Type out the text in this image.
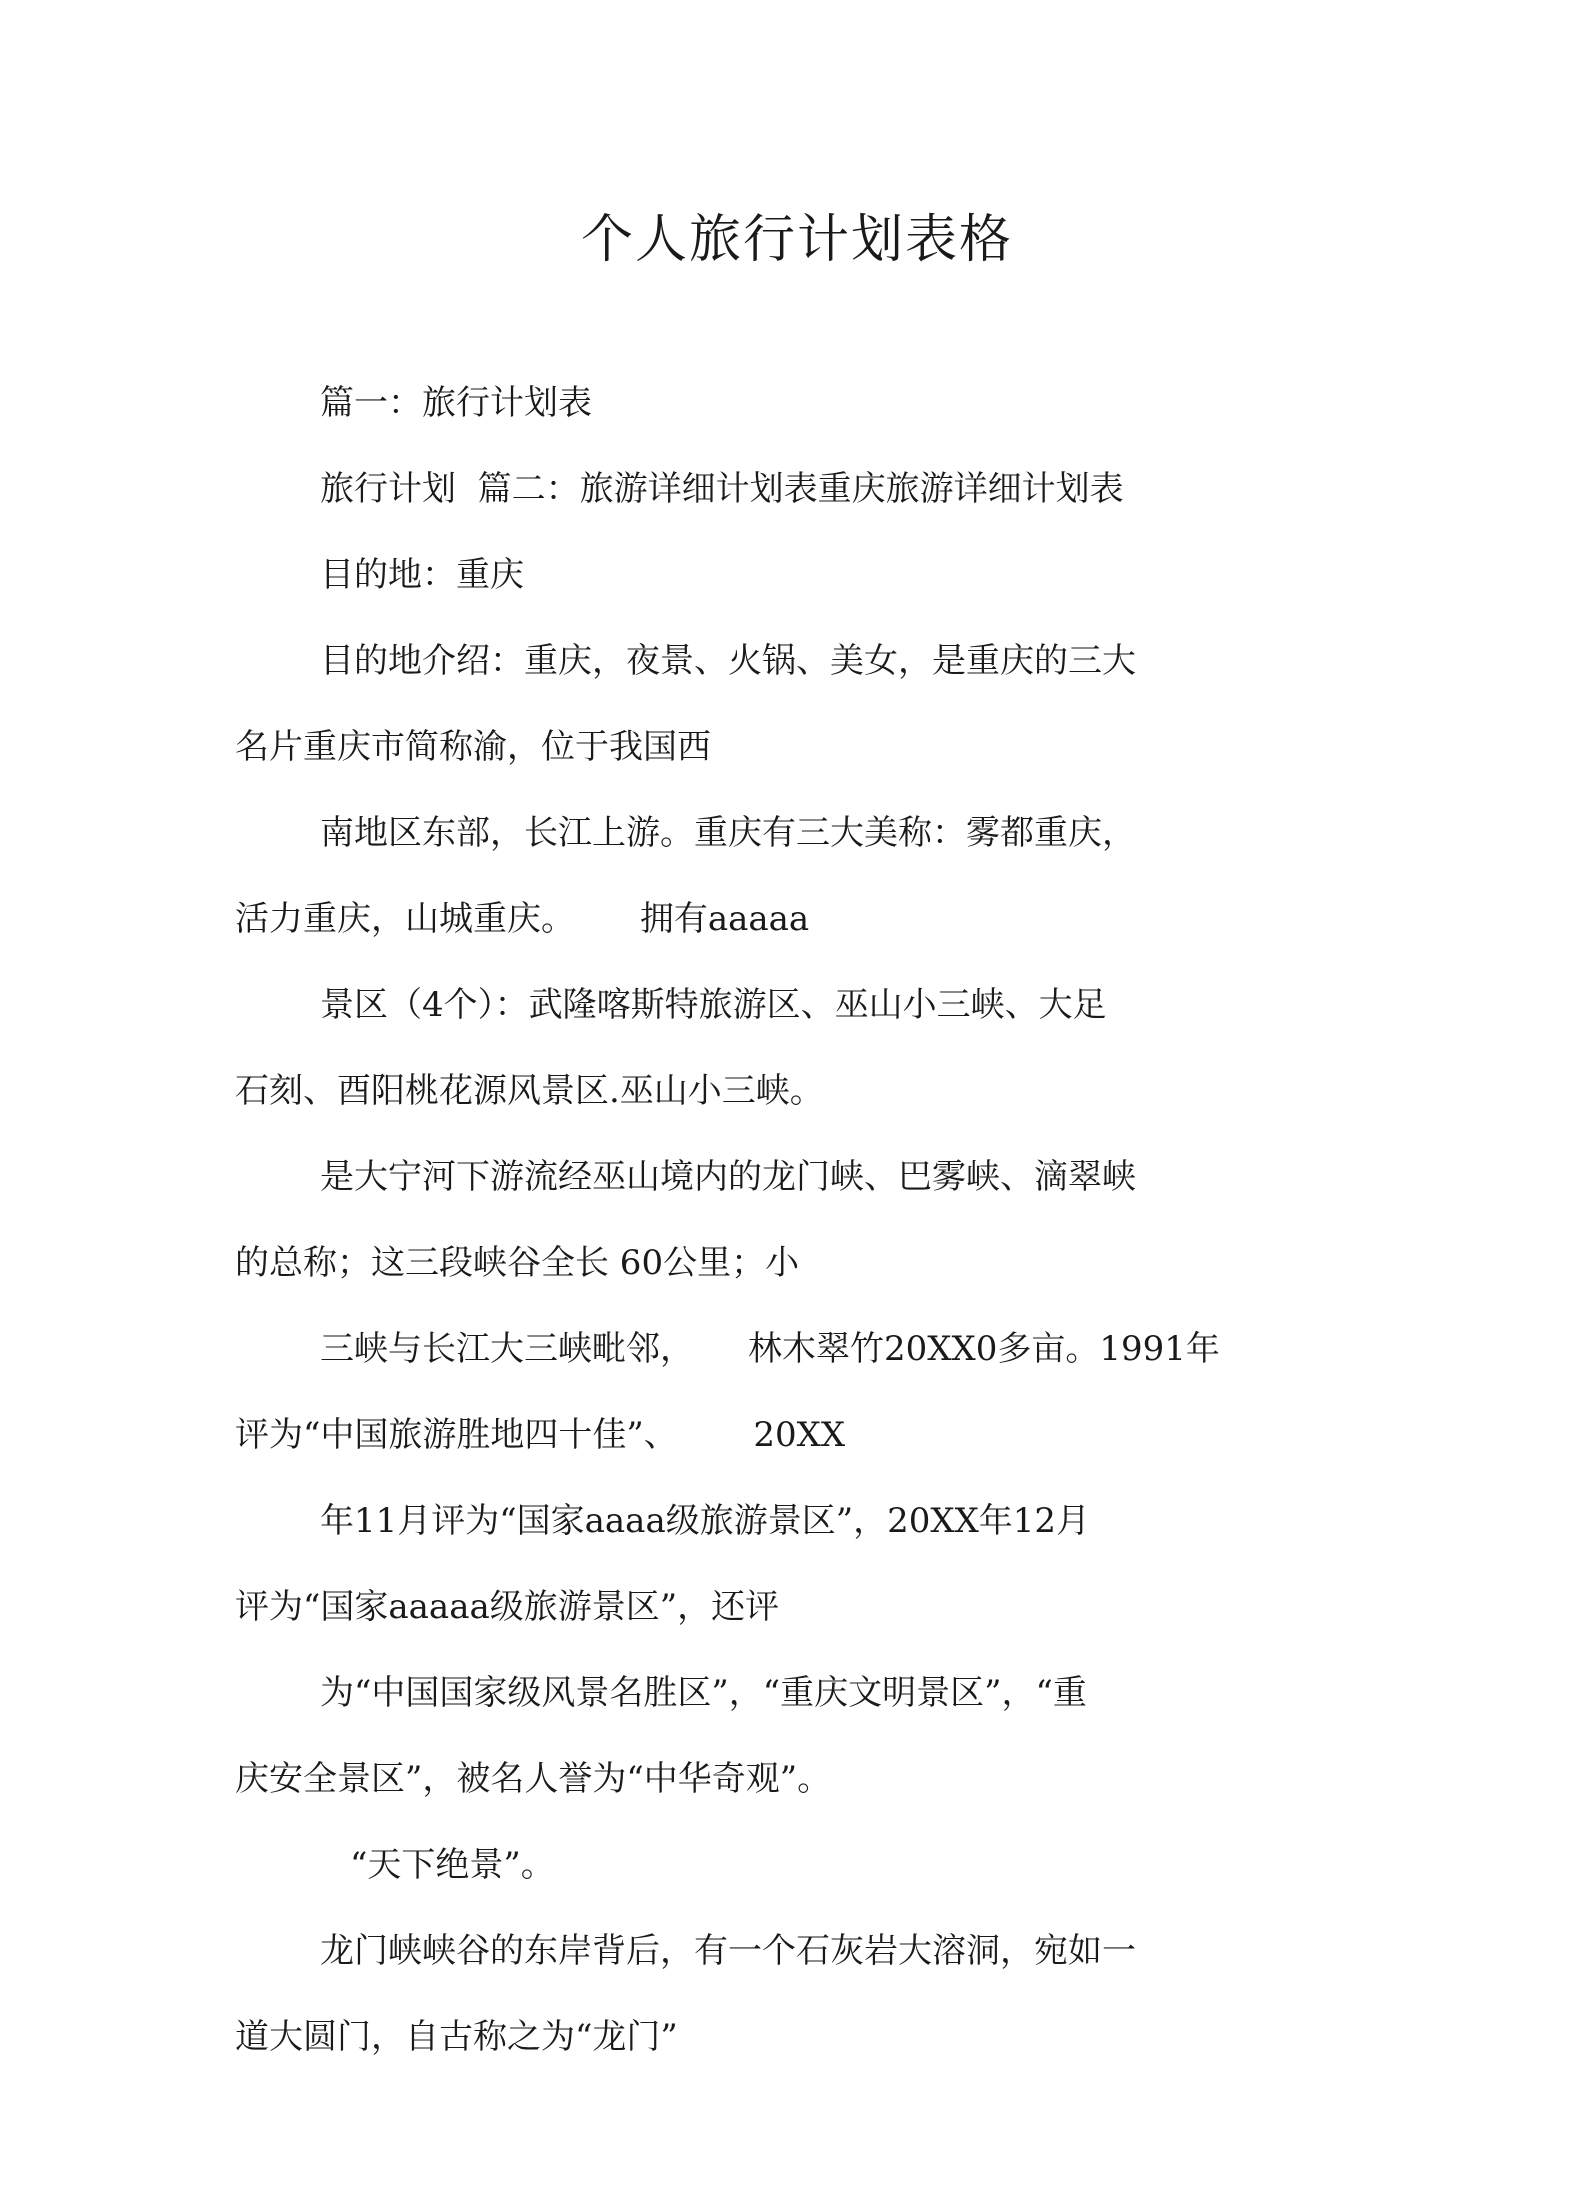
个人旅行计划表格
篇一：旅行计划表
旅行计划  篇二：旅游详细计划表重庆旅游详细计划表
目的地：重庆
目的地介绍：重庆，夜景、火锅、美女，是重庆的三大
名片重庆市简称渝，位于我国西
南地区东部，长江上游。重庆有三大美称：雾都重庆，
活力重庆，山城重庆。      拥有aaaaa
景区（4个）：武隆喀斯特旅游区、巫山小三峡、大足
石刻、酉阳桃花源风景区.巫山小三峡。
是大宁河下游流经巫山境内的龙门峡、巴雾峡、滴翠峡
的总称；这三段峡谷全长 60公里；小
三峡与长江大三峡毗邻，     林木翠竹20XX0多亩。1991年
评为“中国旅游胜地四十佳”、       20XX
年11月评为“国家aaaa级旅游景区”，20XX年12月
评为“国家aaaaa级旅游景区”，还评
为“中国国家级风景名胜区”，“重庆文明景区”，“重
庆安全景区”，被名人誉为“中华奇观”。
“天下绝景”。
龙门峡峡谷的东岸背后，有一个石灰岩大溶洞，宛如一
道大圆门，自古称之为“龙门”
